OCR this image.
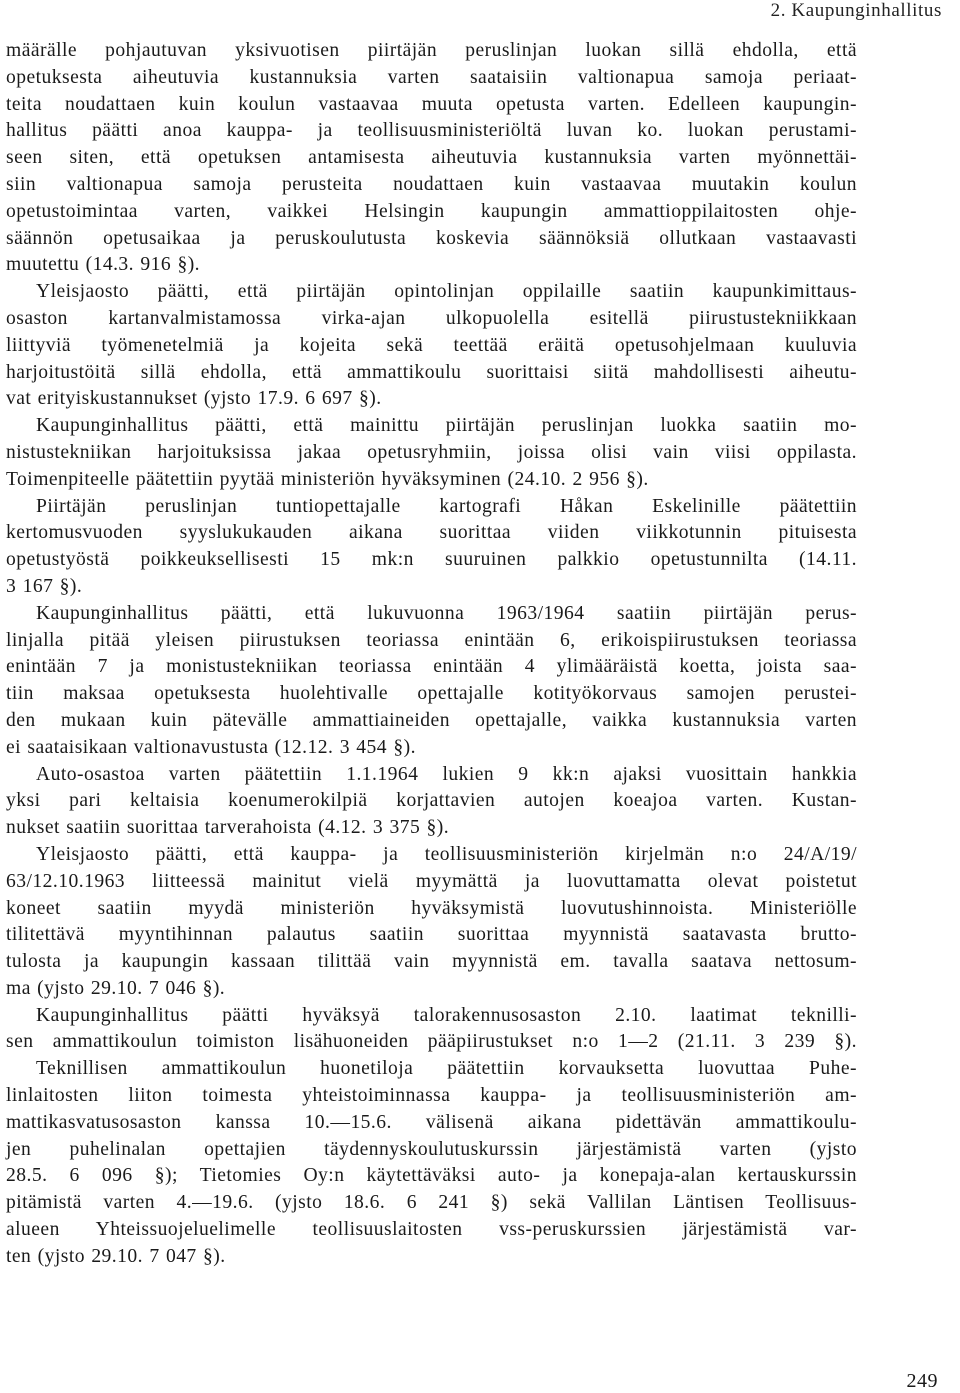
2. Kaupunginhallitus
määrälle pohjautuvan yksivuotisen piirtäjän peruslinjan luokan sillä ehdolla, että
opetuksesta aiheutuvia kustannuksia varten saataisiin valtionapua samoja periaat-
teita noudattaen kuin koulun vastaavaa muuta opetusta varten. Edelleen kaupungin-
hallitus päätti anoa kauppa- ja teollisuusministeriöltä luvan ko. luokan perustami-
seen siten, että opetuksen antamisesta aiheutuvia kustannuksia varten myönnettäi-
siin valtionapua samoja perusteita noudattaen kuin vastaavaa muutakin koulun
opetustoimintaa varten, vaikkei Helsingin kaupungin ammattioppilaitosten ohje-
säännön opetusaikaa ja peruskoulutusta koskevia säännöksiä ollutkaan vastaavasti
muutettu (14.3. 916 §).
Yleisjaosto päätti, että piirtäjän opintolinjan oppilaille saatiin kaupunkimittaus-
osaston kartanvalmistamossa virka-ajan ulkopuolella esitellä piirustustekniikkaan
liittyviä työmenetelmiä ja kojeita sekä teettää eräitä opetusohjelmaan kuuluvia
harjoitustöitä sillä ehdolla, että ammattikoulu suorittaisi siitä mahdollisesti aiheutu-
vat erityiskustannukset (yjsto 17.9. 6 697 §).
Kaupunginhallitus päätti, että mainittu piirtäjän peruslinjan luokka saatiin mo-
nistustekniikan harjoituksissa jakaa opetusryhmiin, joissa olisi vain viisi oppilasta.
Toimenpiteelle päätettiin pyytää ministeriön hyväksyminen (24.10. 2 956 §).
Piirtäjän peruslinjan tuntiopettajalle kartografi Håkan Eskelinille päätettiin
kertomusvuoden syyslukukauden aikana suorittaa viiden viikkotunnin pituisesta
opetustyöstä poikkeuksellisesti 15 mk:n suuruinen palkkio opetustunnilta (14.11.
3 167 §).
Kaupunginhallitus päätti, että lukuvuonna 1963/1964 saatiin piirtäjän perus-
linjalla pitää yleisen piirustuksen teoriassa enintään 6, erikoispiirustuksen teoriassa
enintään 7 ja monistustekniikan teoriassa enintään 4 ylimääräistä koetta, joista saa-
tiin maksaa opetuksesta huolehtivalle opettajalle kotityökorvaus samojen perustei-
den mukaan kuin pätevälle ammattiaineiden opettajalle, vaikka kustannuksia varten
ei saataisikaan valtionavustusta (12.12. 3 454 §).
Auto-osastoa varten päätettiin 1.1.1964 lukien 9 kk:n ajaksi vuosittain hankkia
yksi pari keltaisia koenumerokilpiä korjattavien autojen koeajoa varten. Kustan-
nukset saatiin suorittaa tarverahoista (4.12. 3 375 §).
Yleisjaosto päätti, että kauppa- ja teollisuusministeriön kirjelmän n:o 24/A/19/
63/12.10.1963 liitteessä mainitut vielä myymättä ja luovuttamatta olevat poistetut
koneet saatiin myydä ministeriön hyväksymistä luovutushinnoista. Ministeriölle
tilitettävä myyntihinnan palautus saatiin suorittaa myynnistä saatavasta brutto-
tulosta ja kaupungin kassaan tilittää vain myynnistä em. tavalla saatava nettosum-
ma (yjsto 29.10. 7 046 §).
Kaupunginhallitus päätti hyväksyä talorakennusosaston 2.10. laatimat teknilli-
sen ammattikoulun toimiston lisähuoneiden pääpiirustukset n:o 1—2 (21.11. 3 239 §).
Teknillisen ammattikoulun huonetiloja päätettiin korvauksetta luovuttaa Puhe-
linlaitosten liiton toimesta yhteistoiminnassa kauppa- ja teollisuusministeriön am-
mattikasvatusosaston kanssa 10.—15.6. välisenä aikana pidettävän ammattikoulu-
jen puhelinalan opettajien täydennyskoulutuskurssin järjestämistä varten (yjsto
28.5. 6 096 §); Tietomies Oy:n käytettäväksi auto- ja konepaja-alan kertauskurssin
pitämistä varten 4.—19.6. (yjsto 18.6. 6 241 §) sekä Vallilan Läntisen Teollisuus-
alueen Yhteissuojeluelimelle teollisuuslaitosten vss-peruskurssien järjestämistä var-
ten (yjsto 29.10. 7 047 §).
249
